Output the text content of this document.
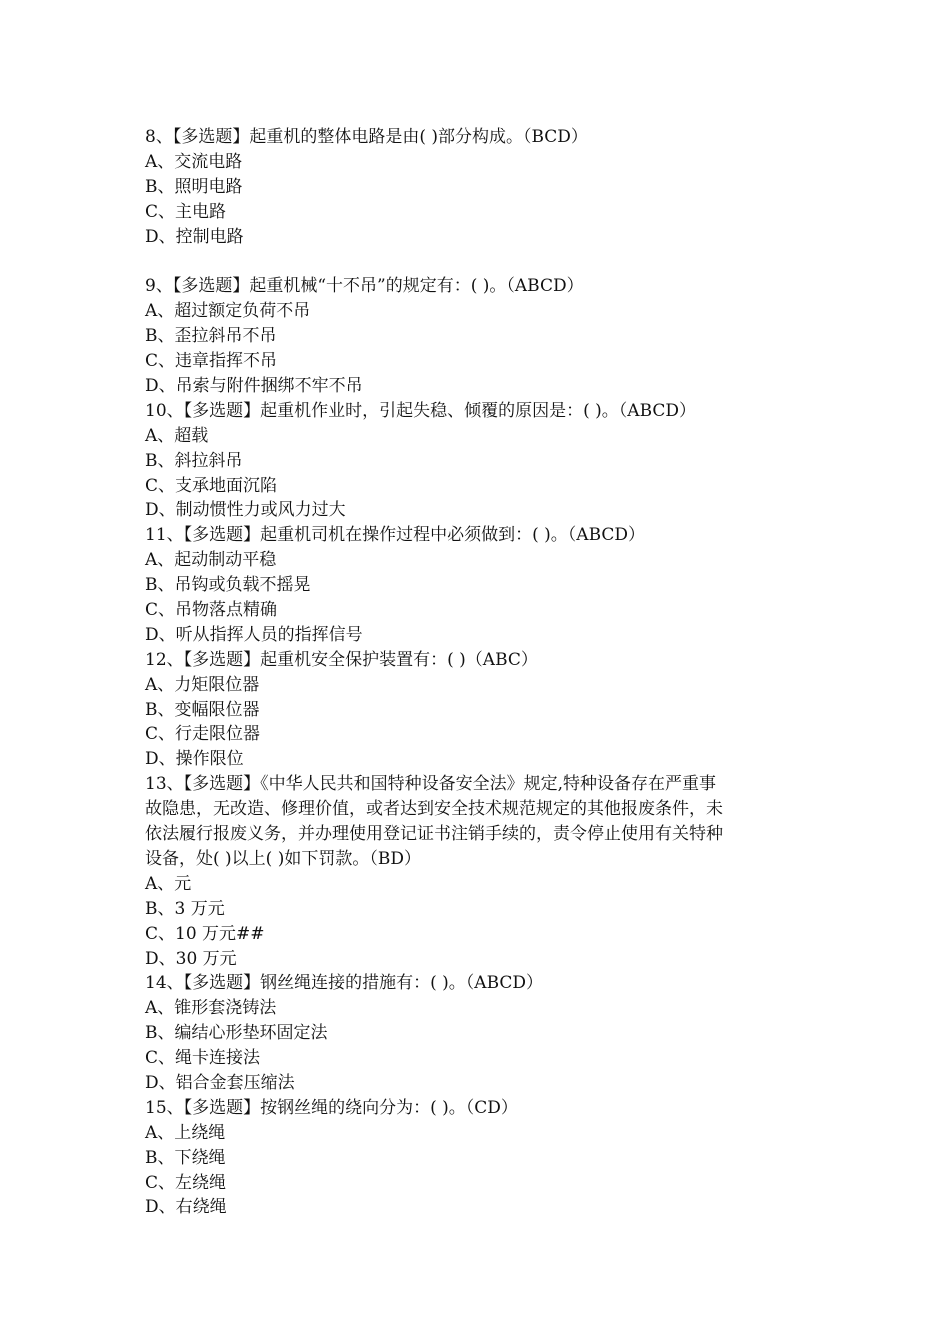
8、【多选题】起重机的整体电路是由( )部分构成。（BCD）

A、交流电路

B、照明电路

C、主电路

D、控制电路

9、【多选题】起重机械“十不吊”的规定有：( )。（ABCD）

A、超过额定负荷不吊

B、歪拉斜吊不吊

C、违章指挥不吊

D、吊索与附件捆绑不牢不吊

10、【多选题】起重机作业时，引起失稳、倾覆的原因是：( )。（ABCD）

A、超载

B、斜拉斜吊

C、支承地面沉陷

D、制动惯性力或风力过大

11、【多选题】起重机司机在操作过程中必须做到：( )。（ABCD）

A、起动制动平稳

B、吊钩或负载不摇晃

C、吊物落点精确

D、听从指挥人员的指挥信号

12、【多选题】起重机安全保护装置有：( )（ABC）

A、力矩限位器

B、变幅限位器

C、行走限位器

D、操作限位

13、【多选题】《中华人民共和国特种设备安全法》规定,特种设备存在严重事

故隐患，无改造、修理价值，或者达到安全技术规范规定的其他报废条件，未

依法履行报废义务，并办理使用登记证书注销手续的，责令停止使用有关特种

设备，处( )以上( )如下罚款。（BD）

A、元

B、3 万元

C、10 万元##

D、30 万元

14、【多选题】钢丝绳连接的措施有：( )。（ABCD）

A、锥形套浇铸法

B、编结心形垫环固定法

C、绳卡连接法

D、铝合金套压缩法

15、【多选题】按钢丝绳的绕向分为：( )。（CD）

A、上绕绳

B、下绕绳

C、左绕绳

D、右绕绳
